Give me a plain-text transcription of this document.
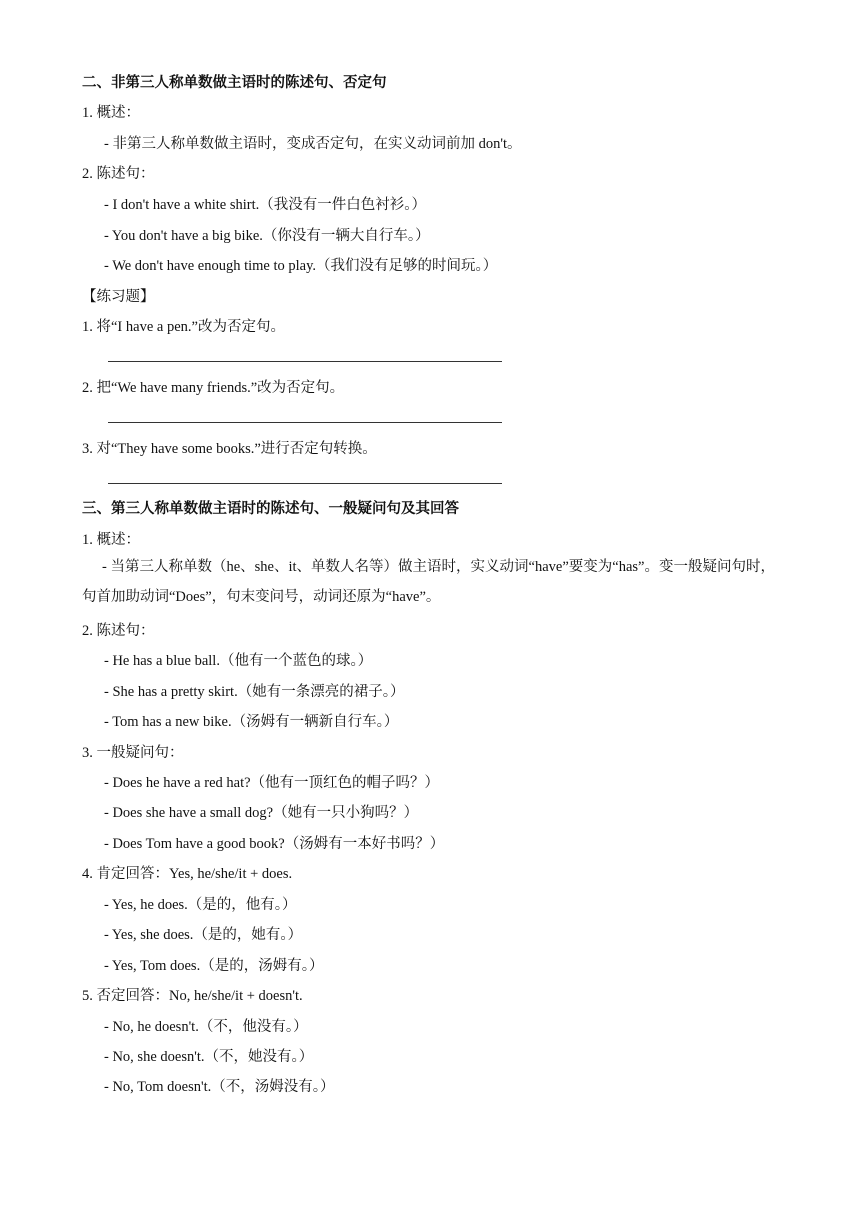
二、非第三人称单数做主语时的陈述句、否定句
1. 概述：
- 非第三人称单数做主语时，变成否定句，在实义动词前加 don't。
2. 陈述句：
- I don't have a white shirt.（我没有一件白色衬衫。）
- You don't have a big bike.（你没有一辆大自行车。）
- We don't have enough time to play.（我们没有足够的时间玩。）
【练习题】
1. 将“I have a pen.”改为否定句。
2. 把“We have many friends.”改为否定句。
3. 对“They have some books.”进行否定句转换。
三、第三人称单数做主语时的陈述句、一般疑问句及其回答
1. 概述：
- 当第三人称单数（he、she、it、单数人名等）做主语时，实义动词“have”要变为“has”。变一般疑问句时，句首加助动词“Does”，句末变问号，动词还原为“have”。
2. 陈述句：
- He has a blue ball.（他有一个蓝色的球。）
- She has a pretty skirt.（她有一条漂亮的裙子。）
- Tom has a new bike.（汤姆有一辆新自行车。）
3. 一般疑问句：
- Does he have a red hat?（他有一顶红色的帽子吗？）
- Does she have a small dog?（她有一只小狗吗？）
- Does Tom have a good book?（汤姆有一本好书吗？）
4. 肯定回答：Yes, he/she/it + does.
- Yes, he does.（是的，他有。）
- Yes, she does.（是的，她有。）
- Yes, Tom does.（是的，汤姆有。）
5. 否定回答：No, he/she/it + doesn't.
- No, he doesn't.（不，他没有。）
- No, she doesn't.（不，她没有。）
- No, Tom doesn't.（不，汤姆没有。）
